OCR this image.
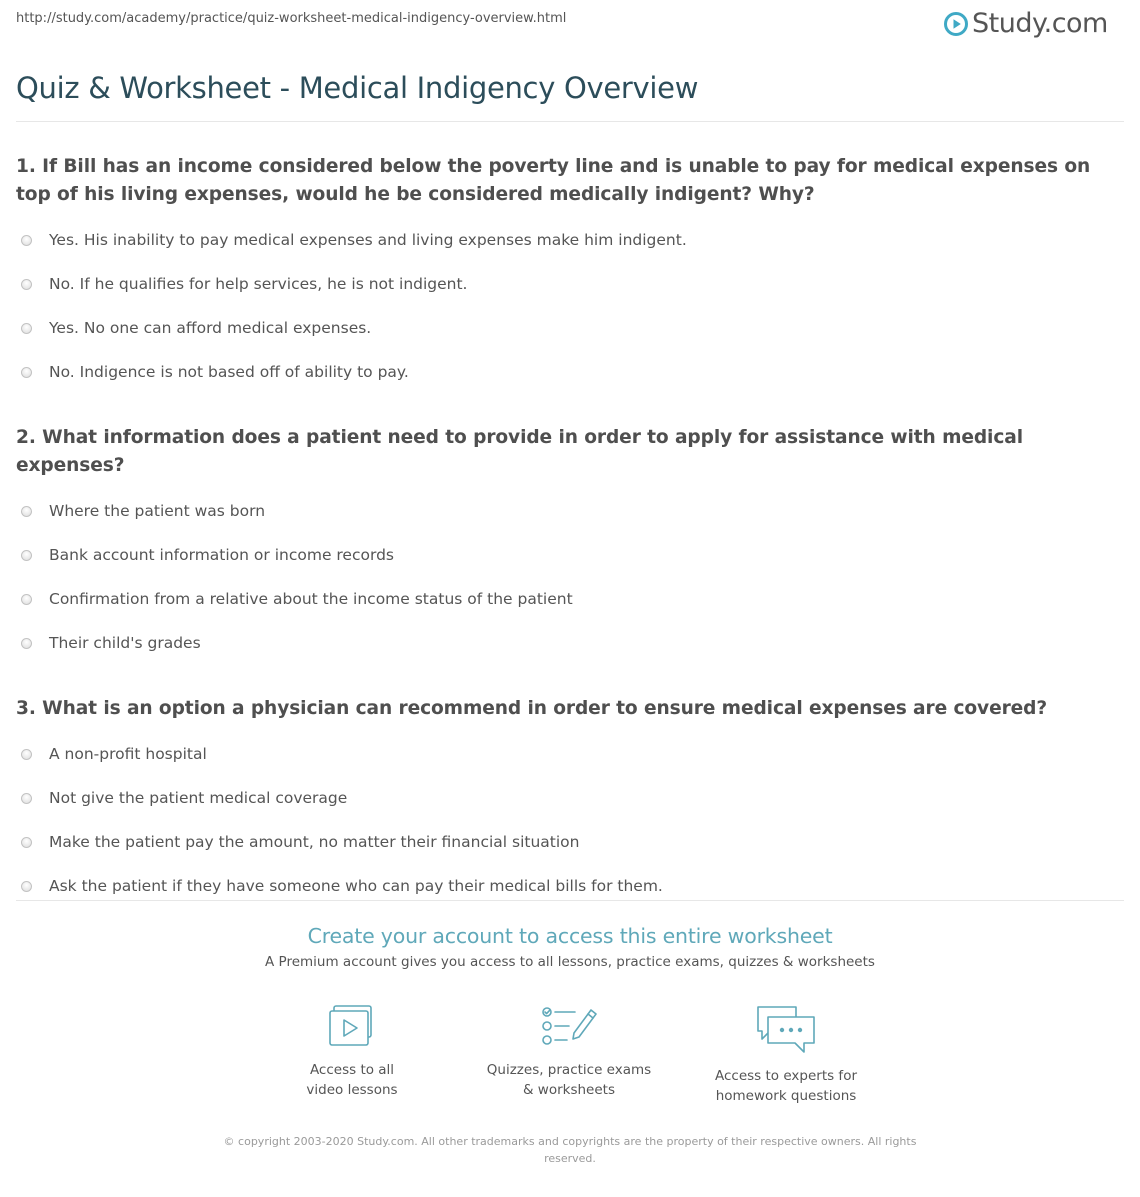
http://study.com/academy/practice/quiz-worksheet-medical-indigency-overview.html	Study.com
Quiz & Worksheet - Medical Indigency Overview

1. If Bill has an income considered below the poverty line and is unable to pay for medical expenses on top of his living expenses, would he be considered medically indigent? Why?

Yes. His inability to pay medical expenses and living expenses make him indigent.
No. If he qualifies for help services, he is not indigent.
Yes. No one can afford medical expenses.
No. Indigence is not based off of ability to pay.

2. What information does a patient need to provide in order to apply for assistance with medical expenses?

Where the patient was born
Bank account information or income records
Confirmation from a relative about the income status of the patient
Their child's grades

3. What is an option a physician can recommend in order to ensure medical expenses are covered?

A non-profit hospital
Not give the patient medical coverage
Make the patient pay the amount, no matter their financial situation
Ask the patient if they have someone who can pay their medical bills for them.
Create your account to access this entire worksheet
A Premium account gives you access to all lessons, practice exams, quizzes & worksheets
Access to all
video lessons
Quizzes, practice exams
& worksheets
Access to experts for
homework questions
© copyright 2003-2020 Study.com. All other trademarks and copyrights are the property of their respective owners. All rights
reserved.
